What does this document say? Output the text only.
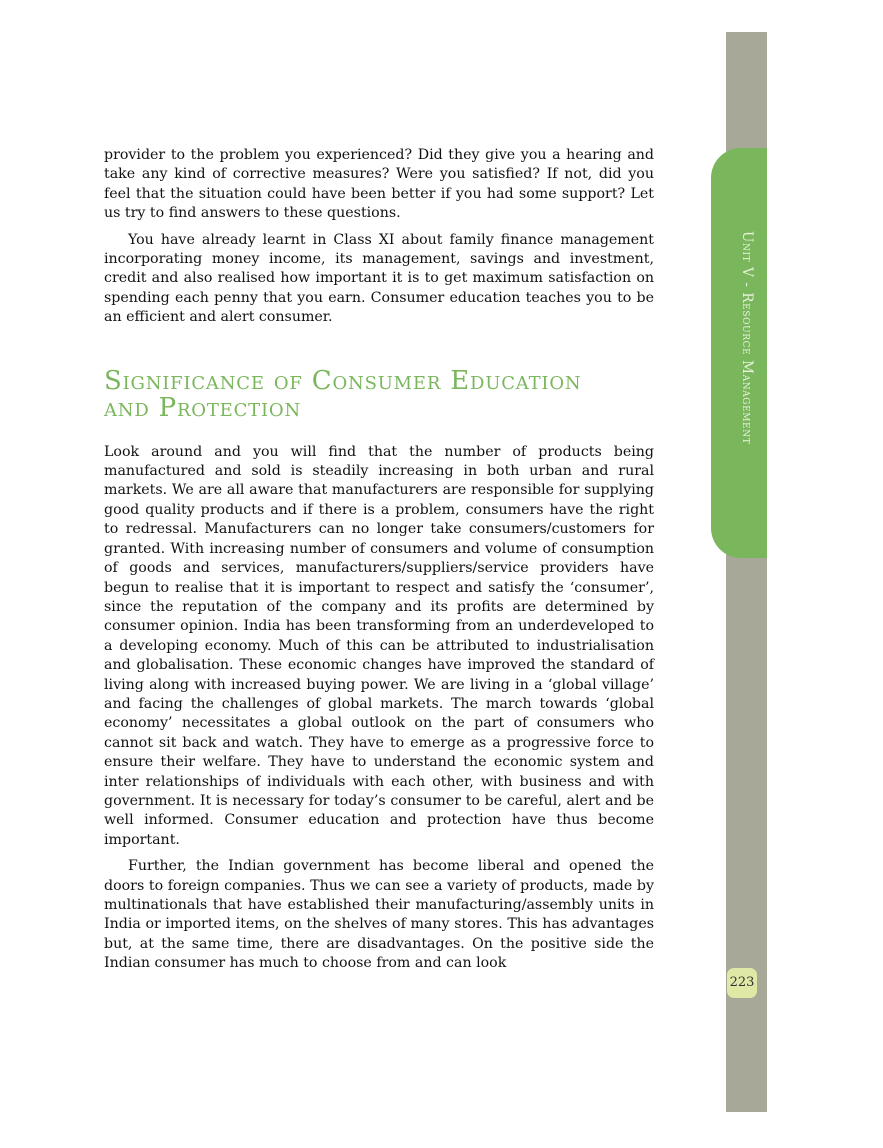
Unit V - Resource Management
223

provider to the problem you experienced? Did they give you a hearing and take any kind of corrective measures? Were you satisfied? If not, did you feel that the situation could have been better if you had some support? Let us try to find answers to these questions.

You have already learnt in Class XI about family finance management incorporating money income, its management, savings and investment, credit and also realised how important it is to get maximum satisfaction on spending each penny that you earn. Consumer education teaches you to be an efficient and alert consumer.

Significance of Consumer Education
and Protection

Look around and you will find that the number of products being manufactured and sold is steadily increasing in both urban and rural markets. We are all aware that manufacturers are responsible for supplying good quality products and if there is a problem, consumers have the right to redressal. Manufacturers can no longer take consumers/customers for granted. With increasing number of consumers and volume of consumption of goods and services, manufacturers/suppliers/service providers have begun to realise that it is important to respect and satisfy the ‘consumer’, since the reputation of the company and its profits are determined by consumer opinion. India has been transforming from an underdeveloped to a developing economy. Much of this can be attributed to industrialisation and globalisation. These economic changes have improved the standard of living along with increased buying power. We are living in a ‘global village’ and facing the challenges of global markets. The march towards ‘global economy’ necessitates a global outlook on the part of consumers who cannot sit back and watch. They have to emerge as a progressive force to ensure their welfare. They have to understand the economic system and inter relationships of individuals with each other, with business and with government. It is necessary for today’s consumer to be careful, alert and be well informed. Consumer education and protection have thus become important.

Further, the Indian government has become liberal and opened the doors to foreign companies. Thus we can see a variety of products, made by multinationals that have established their manufacturing/assembly units in India or imported items, on the shelves of many stores. This has advantages but, at the same time, there are disadvantages. On the positive side the Indian consumer has much to choose from and can look
